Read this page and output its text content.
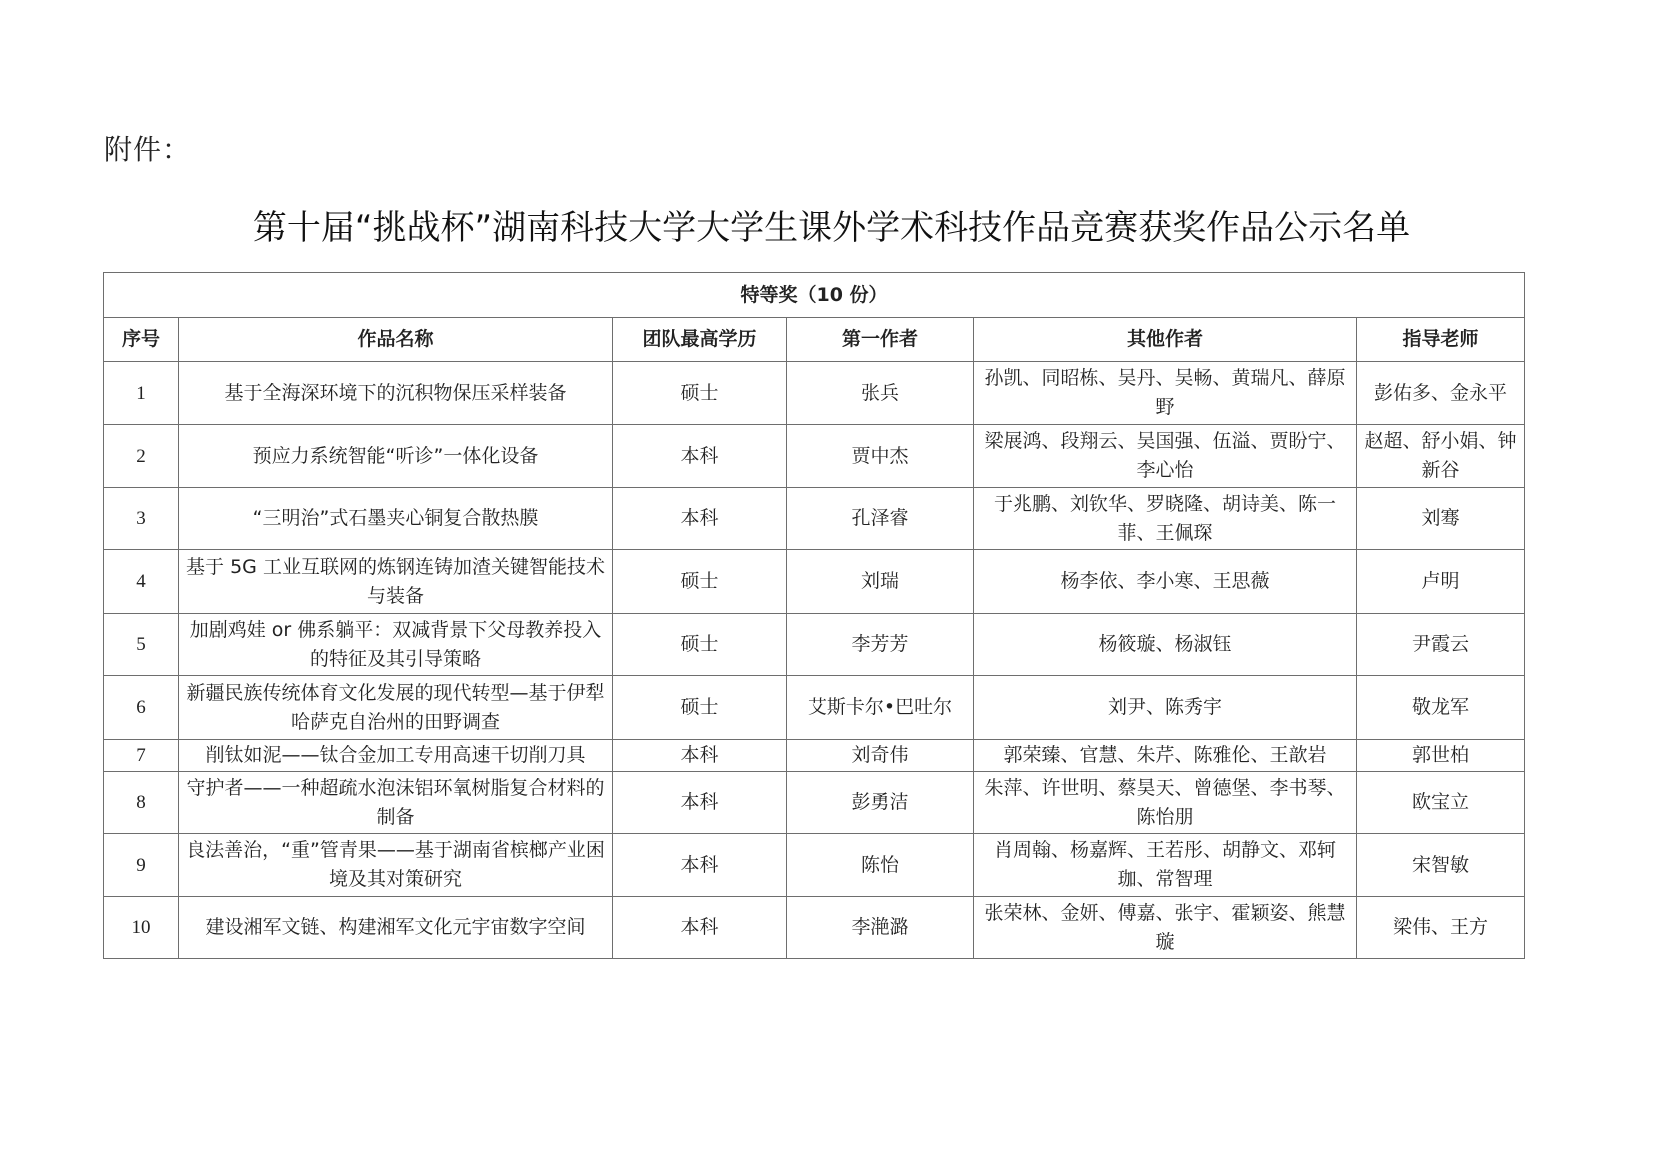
附件：
第十届“挑战杯”湖南科技大学大学生课外学术科技作品竞赛获奖作品公示名单
特等奖（10 份）					
序号	作品名称	团队最高学历	第一作者	其他作者	指导老师
1	基于全海深环境下的沉积物保压采样装备	硕士	张兵	孙凯、同昭栋、吴丹、吴畅、黄瑞凡、薛原野	彭佑多、金永平
2	预应力系统智能“听诊”一体化设备	本科	贾中杰	梁展鸿、段翔云、吴国强、伍溢、贾盼宁、李心怡	赵超、舒小娟、钟新谷
3	“三明治”式石墨夹心铜复合散热膜	本科	孔泽睿	于兆鹏、刘钦华、罗晓隆、胡诗美、陈一菲、王佩琛	刘骞
4	基于 5G 工业互联网的炼钢连铸加渣关键智能技术与装备	硕士	刘瑞	杨李依、李小寒、王思薇	卢明
5	加剧鸡娃 or 佛系躺平：双减背景下父母教养投入的特征及其引导策略	硕士	李芳芳	杨筱璇、杨淑钰	尹霞云
6	新疆民族传统体育文化发展的现代转型—基于伊犁哈萨克自治州的田野调查	硕士	艾斯卡尔•巴吐尔	刘尹、陈秀宇	敬龙军
7	削钛如泥——钛合金加工专用高速干切削刀具	本科	刘奇伟	郭荣臻、官慧、朱芹、陈雅伦、王歆岩	郭世柏
8	守护者——一种超疏水泡沫铝环氧树脂复合材料的制备	本科	彭勇洁	朱萍、许世明、蔡昊天、曾德堡、李书琴、陈怡朋	欧宝立
9	良法善治，“重”管青果——基于湖南省槟榔产业困境及其对策研究	本科	陈怡	肖周翰、杨嘉辉、王若彤、胡静文、邓轲珈、常智理	宋智敏
10	建设湘军文链、构建湘军文化元宇宙数字空间	本科	李滟潞	张荣林、金妍、傅嘉、张宇、霍颖姿、熊慧璇	梁伟、王方
